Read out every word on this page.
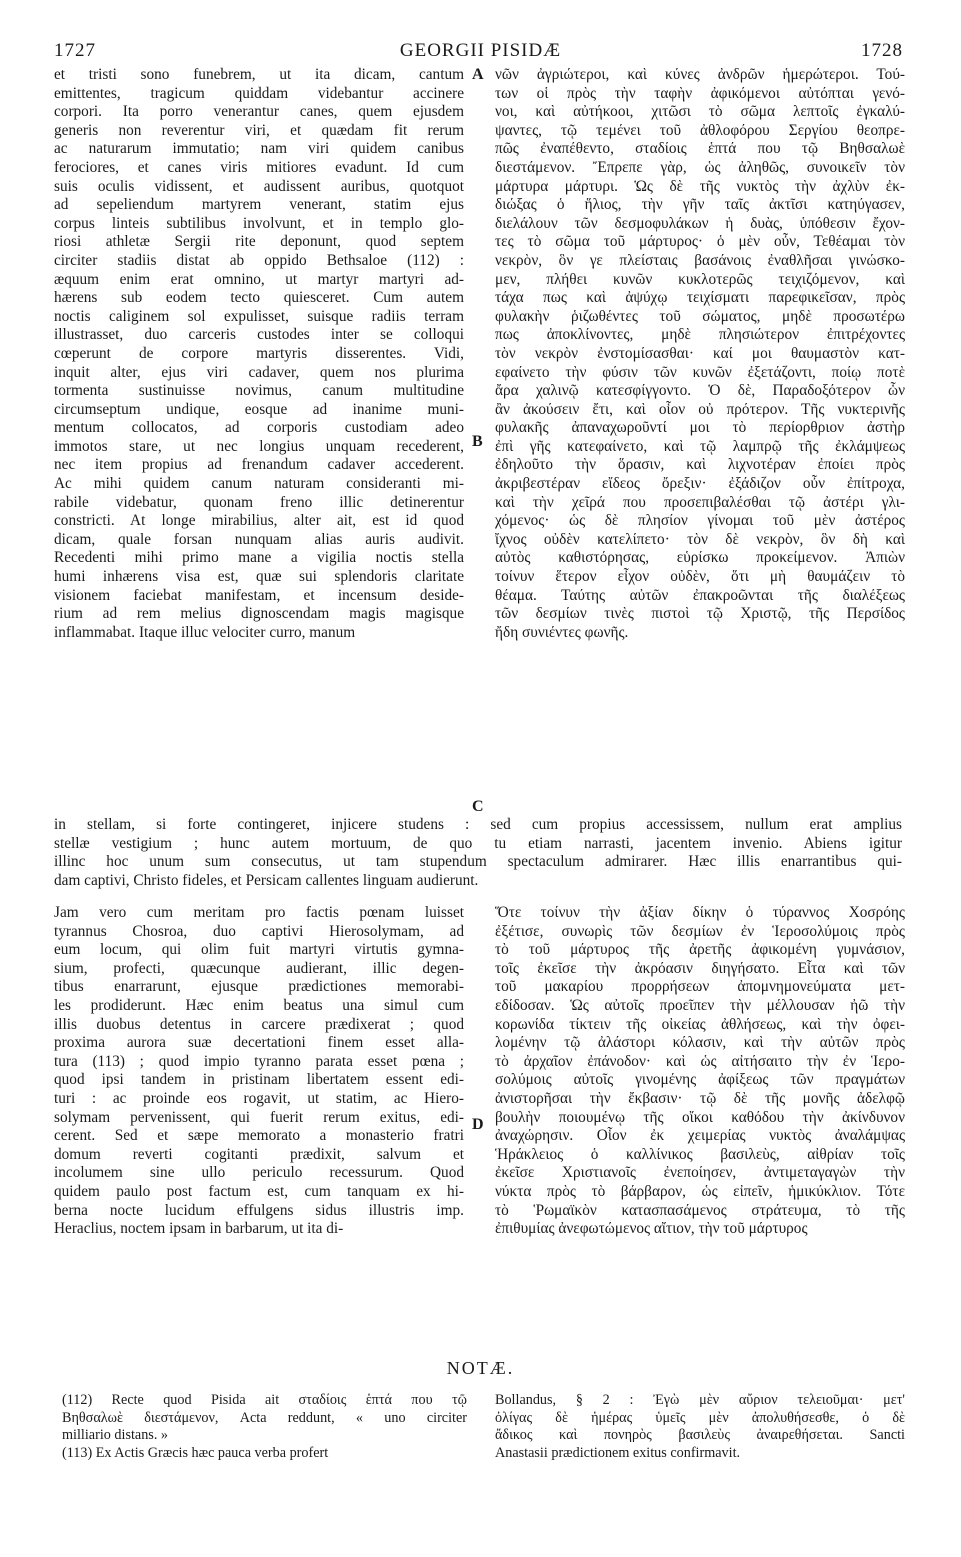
1727	GEORGII PISIDÆ	1728
et tristi sono funebrem, ut ita dicam, cantum
emittentes, tragicum quiddam videbantur accinere
corpori. Ita porro venerantur canes, quem ejusdem
generis non reverentur viri, et quædam fit rerum
ac naturarum immutatio; nam viri quidem canibus
ferociores, et canes viris mitiores evadunt. Id cum
suis oculis vidissent, et audissent auribus, quotquot
ad sepeliendum martyrem venerant, statim ejus
corpus linteis subtilibus involvunt, et in templo glo-
riosi athletæ Sergii rite deponunt, quod septem
circiter stadiis distat ab oppido Bethsaloe (112) :
æquum enim erat omnino, ut martyr martyri ad-
hærens sub eodem tecto quiesceret. Cum autem
noctis caliginem sol expulisset, suisque radiis terram
illustrasset, duo carceris custodes inter se colloqui
cœperunt de corpore martyris disserentes. Vidi,
inquit alter, ejus viri cadaver, quem nos plurima
tormenta sustinuisse novimus, canum multitudine
circumseptum undique, eosque ad inanime muni-
mentum collocatos, ad corporis custodiam adeo
immotos stare, ut nec longius unquam recederent,
nec item propius ad frenandum cadaver accederent.
Ac mihi quidem canum naturam consideranti mi-
rabile videbatur, quonam freno illic detinerentur
constricti. At longe mirabilius, alter ait, est id quod
dicam, quale forsan nunquam alias auris audivit.
Recedenti mihi primo mane a vigilia noctis stella
humi inhærens visa est, quæ sui splendoris claritate
visionem faciebat manifestam, et incensum deside-
rium ad rem melius dignoscendam magis magisque
inflammabat. Itaque illuc velociter curro, manum
νῶν ἀγριώτεροι, καὶ κύνες ἀνδρῶν ἡμερώτεροι. Τού-
των οἱ πρὸς τὴν ταφὴν ἀφικόμενοι αὐτόπται γενό-
νοι, καὶ αὐτήκοοι, χιτῶσι τὸ σῶμα λεπτοῖς ἐγκαλύ-
ψαντες, τῷ τεμένει τοῦ ἀθλοφόρου Σεργίου θεοπρε-
πῶς ἐναπέθεντο, σταδίοις ἑπτά που τῷ Βηθσαλωὲ
διεστάμενον. Ἔπρεπε γὰρ, ὡς ἀληθῶς, συνοικεῖν τὸν
μάρτυρα μάρτυρι. Ὡς δὲ τῆς νυκτὸς τὴν ἀχλὺν ἐκ-
διώξας ὁ ἥλιος, τὴν γῆν ταῖς ἀκτῖσι κατηύγασεν,
διελάλουν τῶν δεσμοφυλάκων ἡ δυὰς, ὑπόθεσιν ἔχον-
τες τὸ σῶμα τοῦ μάρτυρος· ὁ μὲν οὖν, Τεθέαμαι τὸν
νεκρὸν, ὃν γε πλείσταις βασάνοις ἐναθλῆσαι γινώσκο-
μεν, πλήθει κυνῶν κυκλοτερῶς τειχιζόμενον, καὶ
τάχα πως καὶ ἀψύχῳ τειχίσματι παρεφικεῖσαν, πρὸς
φυλακὴν ῥιζωθέντες τοῦ σώματος, μηδὲ προσωτέρω
πως ἀποκλίνοντες, μηδὲ πλησιώτερον ἐπιτρέχοντες
τὸν νεκρὸν ἐνστομίσασθαι· καί μοι θαυμαστὸν κατ-
εφαίνετο τὴν φύσιν τῶν κυνῶν ἐξετάζοντι, ποίῳ ποτὲ
ἄρα χαλινῷ κατεσφίγγοντο. Ὁ δὲ, Παραδοξότερον ὧν
ἂν ἀκούσειν ἔτι, καὶ οἷον οὐ πρότερον. Τῆς νυκτερινῆς
φυλακῆς ἀπαναχωροῦντί μοι τὸ περίορθριον ἀστὴρ
ἐπὶ γῆς κατεφαίνετο, καὶ τῷ λαμπρῷ τῆς ἐκλάμψεως
ἐδηλοῦτο τὴν ὅρασιν, καὶ λιχνοτέραν ἐποίει πρὸς
ἀκριβεστέραν εἴδεος ὄρεξιν· ἐξάδιζον οὖν ἐπίτροχα,
καὶ τὴν χεῖρά που προσεπιβαλέσθαι τῷ ἀστέρι γλι-
χόμενος· ὡς δὲ πλησίον γίνομαι τοῦ μὲν ἀστέρος
ἴχνος οὐδὲν κατελίπετο· τὸν δὲ νεκρὸν, ὃν δὴ καὶ
αὐτὸς καθιστόρησας, εὑρίσκω προκείμενον. Ἀπιὼν
τοίνυν ἕτερον εἶχον οὐδὲν, ὅτι μὴ θαυμάζειν τὸ
θέαμα. Ταύτης αὐτῶν ἐπακροῶνται τῆς διαλέξεως
τῶν δεσμίων τινὲς πιστοὶ τῷ Χριστῷ, τῆς Περσίδος
ἤδη συνιέντες φωνῆς.
A
B
C
D
in stellam, si forte contingeret, injicere studens : sed cum propius accessissem, nullum erat amplius
stellæ vestigium ; hunc autem mortuum, de quo tu etiam narrasti, jacentem invenio. Abiens igitur
illinc hoc unum sum consecutus, ut tam stupendum spectaculum admirarer. Hæc illis enarrantibus qui-
dam captivi, Christo fideles, et Persicam callentes linguam audierunt.
Jam vero cum meritam pro factis pœnam luisset
tyrannus Chosroa, duo captivi Hierosolymam, ad
eum locum, qui olim fuit martyri virtutis gymna-
sium, profecti, quæcunque audierant, illic degen-
tibus enarrarunt, ejusque prædictiones memorabi-
les prodiderunt. Hæc enim beatus una simul cum
illis duobus detentus in carcere prædixerat ; quod
proxima aurora suæ decertationi finem esset alla-
tura (113) ; quod impio tyranno parata esset pœna ;
quod ipsi tandem in pristinam libertatem essent edi-
turi : ac proinde eos rogavit, ut statim, ac Hiero-
solymam pervenissent, qui fuerit rerum exitus, edi-
cerent. Sed et sæpe memorato a monasterio fratri
domum reverti cogitanti prædixit, salvum et
incolumem sine ullo periculo recessurum. Quod
quidem paulo post factum est, cum tanquam ex hi-
berna nocte lucidum effulgens sidus illustris imp.
Heraclius, noctem ipsam in barbarum, ut ita di-
Ὅτε τοίνυν τὴν ἀξίαν δίκην ὁ τύραννος Χοσρόης
ἐξέτισε, συνωρὶς τῶν δεσμίων ἐν Ἱεροσολύμοις πρὸς
τὸ τοῦ μάρτυρος τῆς ἀρετῆς ἀφικομένη γυμνάσιον,
τοῖς ἐκεῖσε τὴν ἀκρόασιν διηγήσατο. Εἶτα καὶ τῶν
τοῦ μακαρίου προρρήσεων ἀπομνημονεύματα μετ-
εδίδοσαν. Ὡς αὐτοῖς προεῖπεν τὴν μέλλουσαν ἠῶ τὴν
κορωνίδα τίκτειν τῆς οἰκείας ἀθλήσεως, καὶ τὴν ὀφει-
λομένην τῷ ἀλάστορι κόλασιν, καὶ τὴν αὐτῶν πρὸς
τὸ ἀρχαῖον ἐπάνοδον· καὶ ὡς αἰτήσαιτο τὴν ἐν Ἱερο-
σολύμοις αὐτοῖς γινομένης ἀφίξεως τῶν πραγμάτων
ἀνιστορῆσαι τὴν ἔκβασιν· τῷ δὲ τῆς μονῆς ἀδελφῷ
βουλὴν ποιουμένῳ τῆς οἴκοι καθόδου τὴν ἀκίνδυνον
ἀναχώρησιν. Οἷον ἐκ χειμερίας νυκτὸς ἀναλάμψας
Ἡράκλειος ὁ καλλίνικος βασιλεὺς, αἰθρίαν τοῖς
ἐκεῖσε Χριστιανοῖς ἐνεποίησεν, ἀντιμεταγαγὼν τὴν
νύκτα πρὸς τὸ βάρβαρον, ὡς εἰπεῖν, ἡμικύκλιον. Τότε
τὸ Ῥωμαϊκὸν κατασπασάμενος στράτευμα, τὸ τῆς
ἐπιθυμίας ἀνεφωτώμενος αἴτιον, τὴν τοῦ μάρτυρος
NOTÆ.
(112) Recte quod Pisida ait σταδίοις ἑπτά που τῷ
Βηθσαλωὲ διεστάμενον, Acta reddunt, « uno circiter
milliario distans. »
(113) Ex Actis Græcis hæc pauca verba profert
Bollandus, § 2 : Ἐγὼ μὲν αὔριον τελειοῦμαι· μετ'
ὀλίγας δὲ ἡμέρας ὑμεῖς μὲν ἀπολυθήσεσθε, ὁ δὲ
ἄδικος καὶ πονηρὸς βασιλεὺς ἀναιρεθήσεται. Sancti
Anastasii prædictionem exitus confirmavit.
